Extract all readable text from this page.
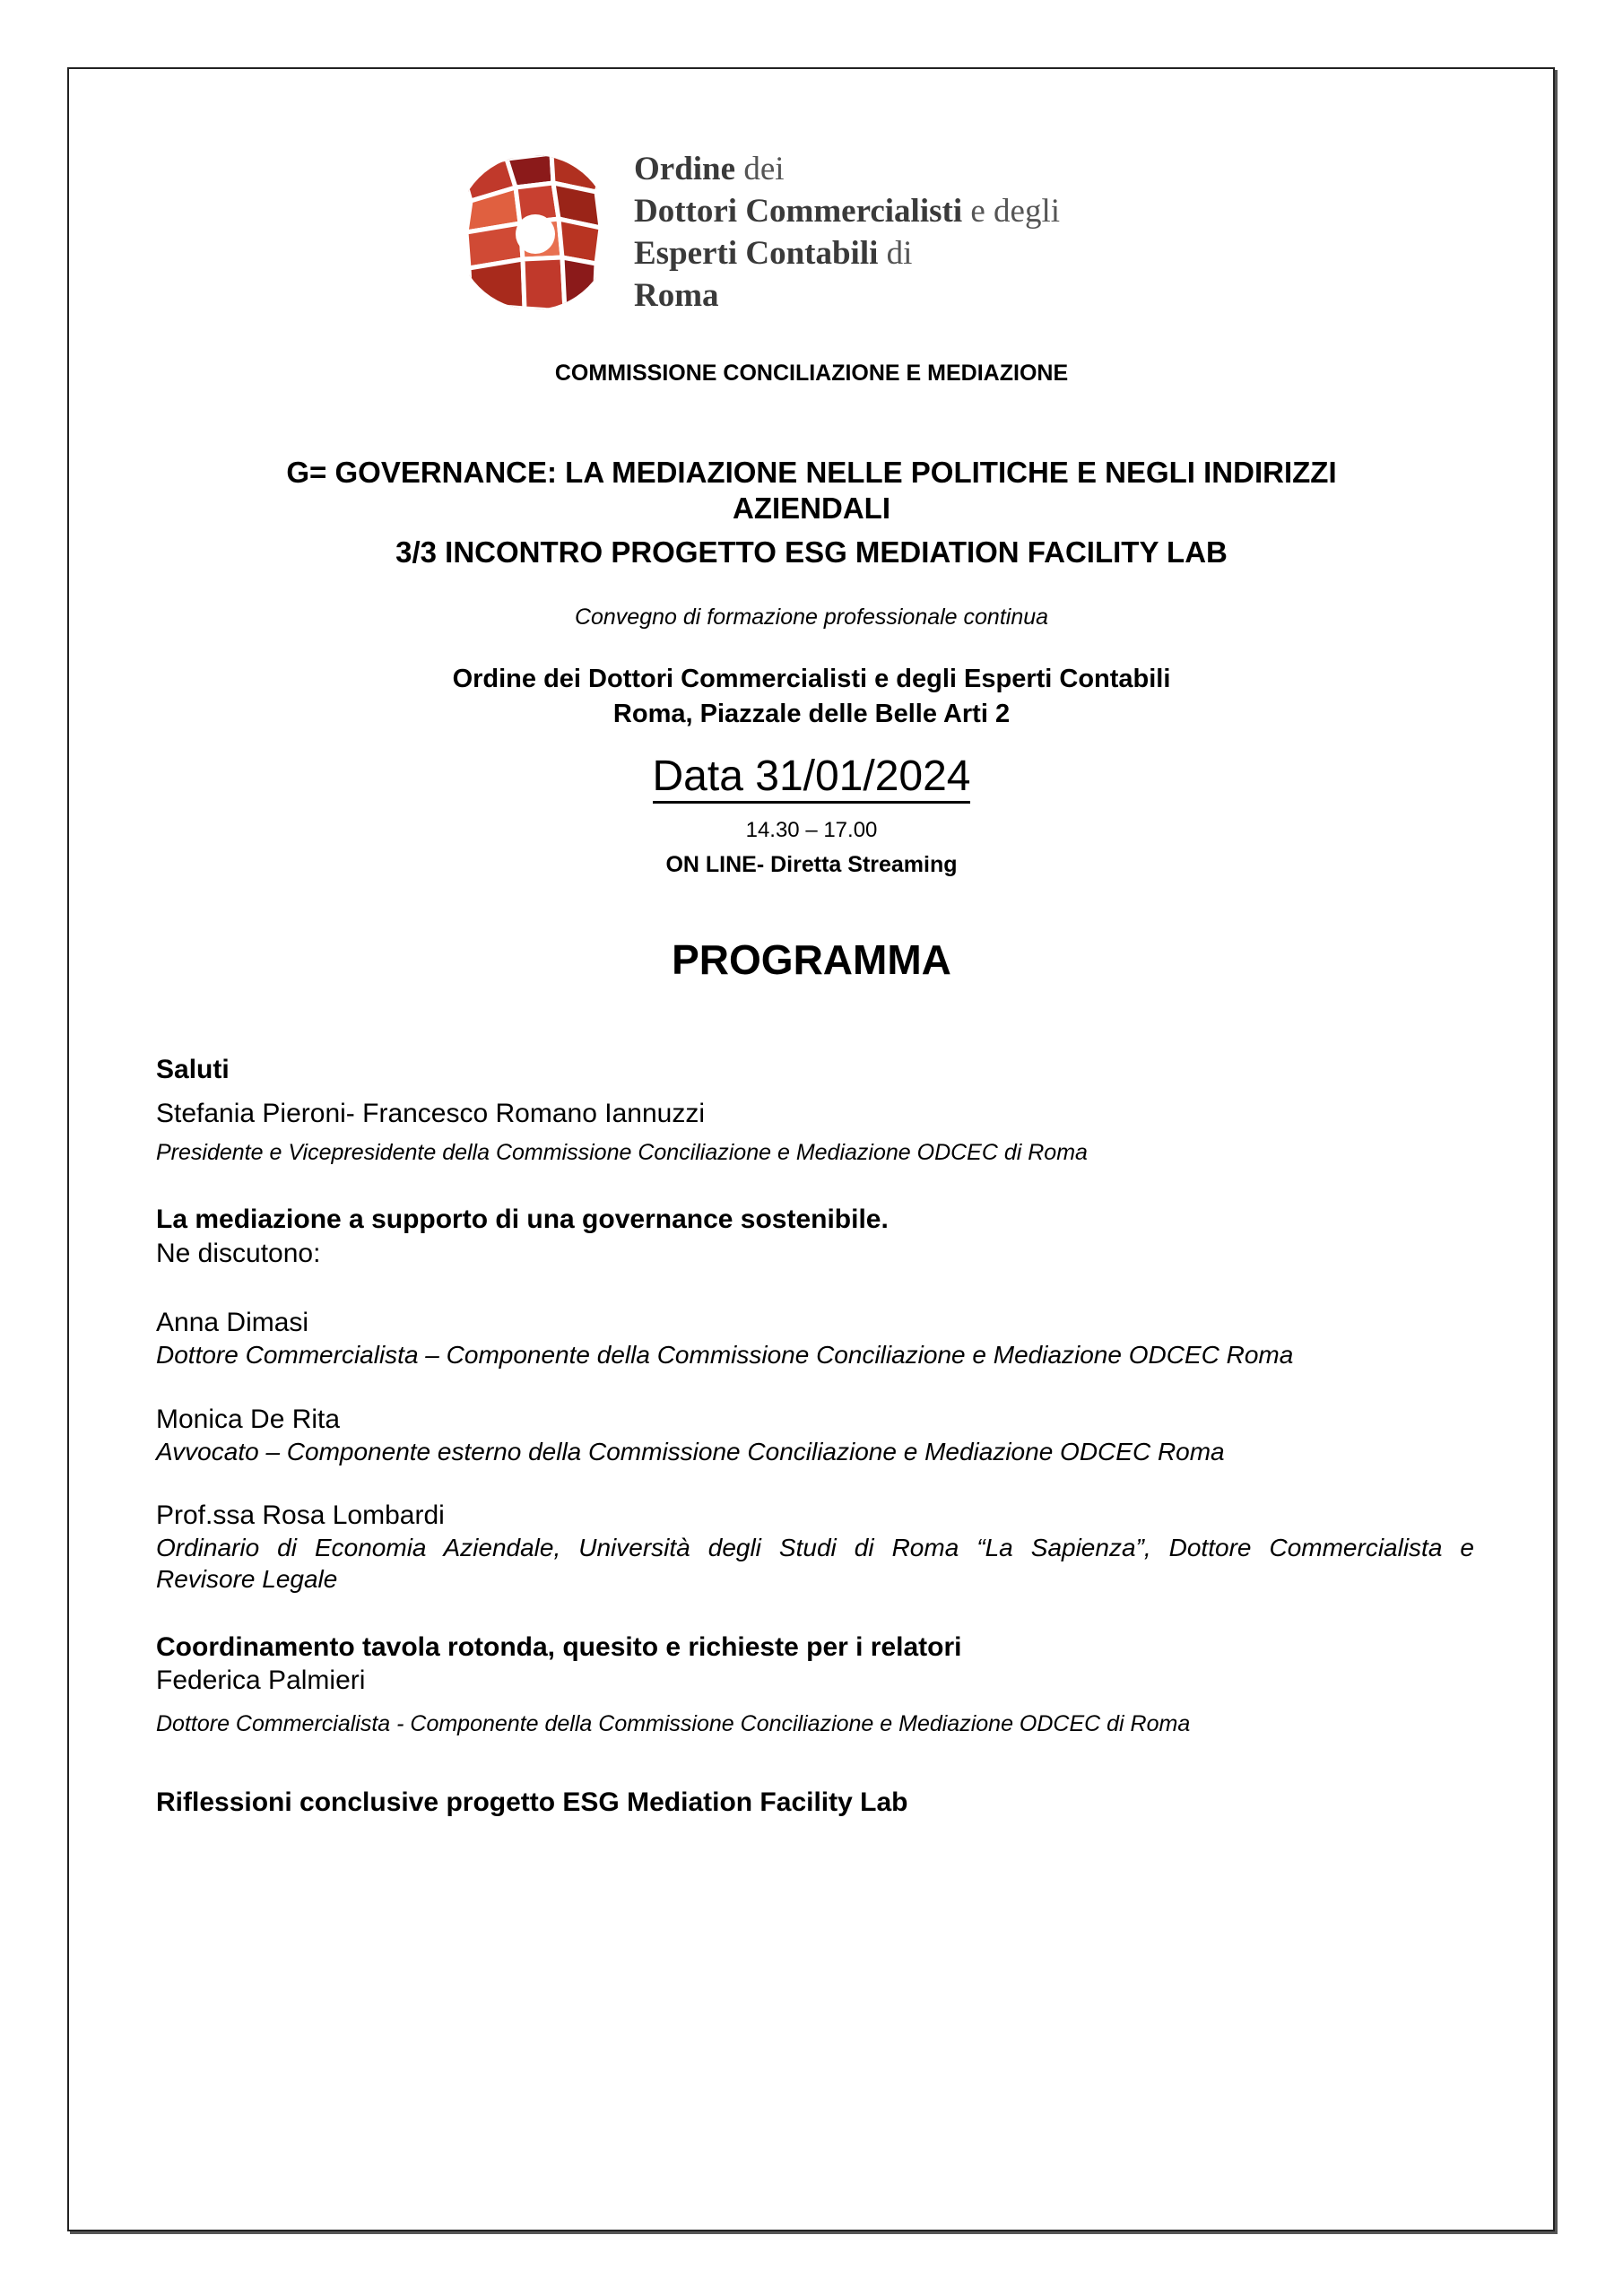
Ordine dei
Dottori Commercialisti e degli
Esperti Contabili di
Roma
COMMISSIONE CONCILIAZIONE E MEDIAZIONE
G= GOVERNANCE: LA MEDIAZIONE NELLE POLITICHE E NEGLI INDIRIZZI
AZIENDALI
3/3 INCONTRO PROGETTO ESG MEDIATION FACILITY LAB
Convegno di formazione professionale continua
Ordine dei Dottori Commercialisti e degli Esperti Contabili
Roma, Piazzale delle Belle Arti 2
Data 31/01/2024
14.30 – 17.00
ON LINE- Diretta Streaming
PROGRAMMA
Saluti
Stefania Pieroni- Francesco Romano Iannuzzi
Presidente e Vicepresidente della Commissione Conciliazione e Mediazione ODCEC di Roma
La mediazione a supporto di una governance sostenibile.
Ne discutono:
Anna Dimasi
Dottore Commercialista – Componente della Commissione Conciliazione e Mediazione ODCEC Roma
Monica De Rita
Avvocato – Componente esterno della Commissione Conciliazione e Mediazione ODCEC Roma
Prof.ssa Rosa Lombardi
Ordinario di Economia Aziendale, Università degli Studi di Roma “La Sapienza”, Dottore Commercialista e
Revisore Legale
Coordinamento tavola rotonda, quesito e richieste per i relatori
Federica Palmieri
Dottore Commercialista - Componente della Commissione Conciliazione e Mediazione ODCEC di Roma
Riflessioni conclusive progetto ESG Mediation Facility Lab
